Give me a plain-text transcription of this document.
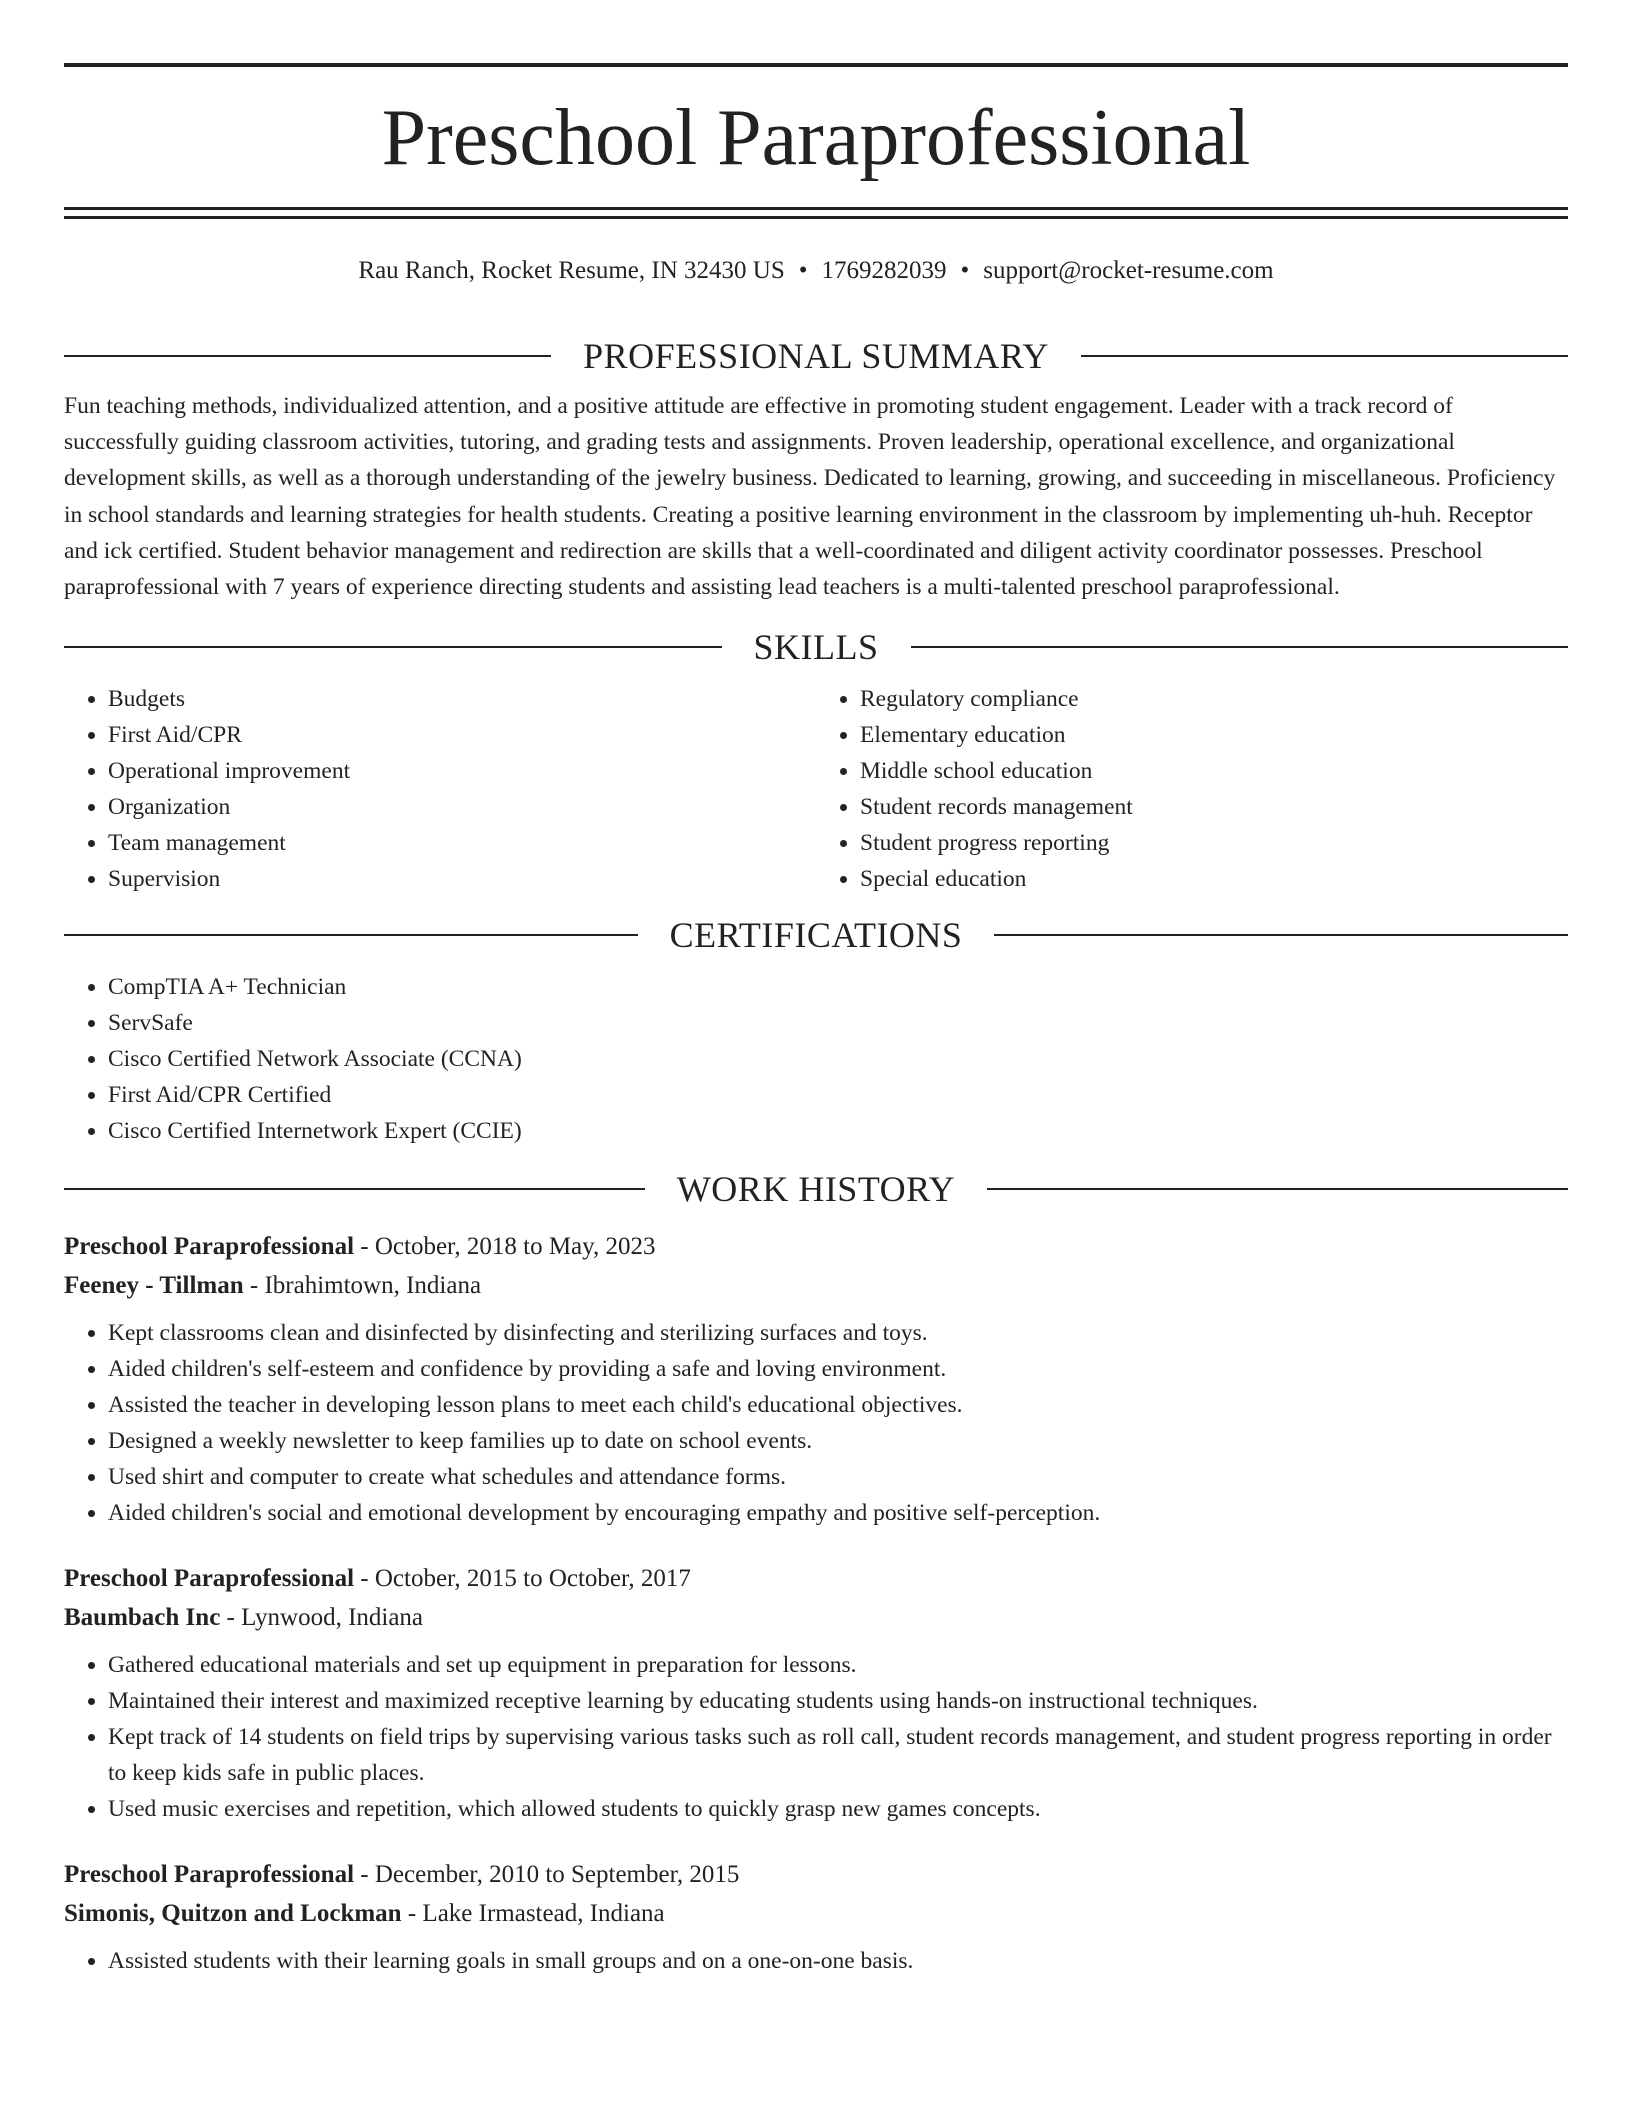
Preschool Paraprofessional
Rau Ranch, Rocket Resume, IN 32430 US • 1769282039 • support@rocket-resume.com
PROFESSIONAL SUMMARY

Fun teaching methods, individualized attention, and a positive attitude are effective in promoting student engagement. Leader with a track record of successfully guiding classroom activities, tutoring, and grading tests and assignments. Proven leadership, operational excellence, and organizational development skills, as well as a thorough understanding of the jewelry business. Dedicated to learning, growing, and succeeding in miscellaneous. Proficiency in school standards and learning strategies for health students. Creating a positive learning environment in the classroom by implementing uh-huh. Receptor and ick certified. Student behavior management and redirection are skills that a well-coordinated and diligent activity coordinator possesses. Preschool paraprofessional with 7 years of experience directing students and assisting lead teachers is a multi-talented preschool paraprofessional.

SKILLS
• Budgets
• First Aid/CPR
• Operational improvement
• Organization
• Team management
• Supervision
• Regulatory compliance
• Elementary education
• Middle school education
• Student records management
• Student progress reporting
• Special education
CERTIFICATIONS
• CompTIA A+ Technician
• ServSafe
• Cisco Certified Network Associate (CCNA)
• First Aid/CPR Certified
• Cisco Certified Internetwork Expert (CCIE)
WORK HISTORY
Preschool Paraprofessional - October, 2018 to May, 2023
Feeney - Tillman - Ibrahimtown, Indiana
• Kept classrooms clean and disinfected by disinfecting and sterilizing surfaces and toys.
• Aided children's self-esteem and confidence by providing a safe and loving environment.
• Assisted the teacher in developing lesson plans to meet each child's educational objectives.
• Designed a weekly newsletter to keep families up to date on school events.
• Used shirt and computer to create what schedules and attendance forms.
• Aided children's social and emotional development by encouraging empathy and positive self-perception.
Preschool Paraprofessional - October, 2015 to October, 2017
Baumbach Inc - Lynwood, Indiana
• Gathered educational materials and set up equipment in preparation for lessons.
• Maintained their interest and maximized receptive learning by educating students using hands-on instructional techniques.
• Kept track of 14 students on field trips by supervising various tasks such as roll call, student records management, and student progress reporting in order to keep kids safe in public places.
• Used music exercises and repetition, which allowed students to quickly grasp new games concepts.
Preschool Paraprofessional - December, 2010 to September, 2015
Simonis, Quitzon and Lockman - Lake Irmastead, Indiana
• Assisted students with their learning goals in small groups and on a one-on-one basis.
